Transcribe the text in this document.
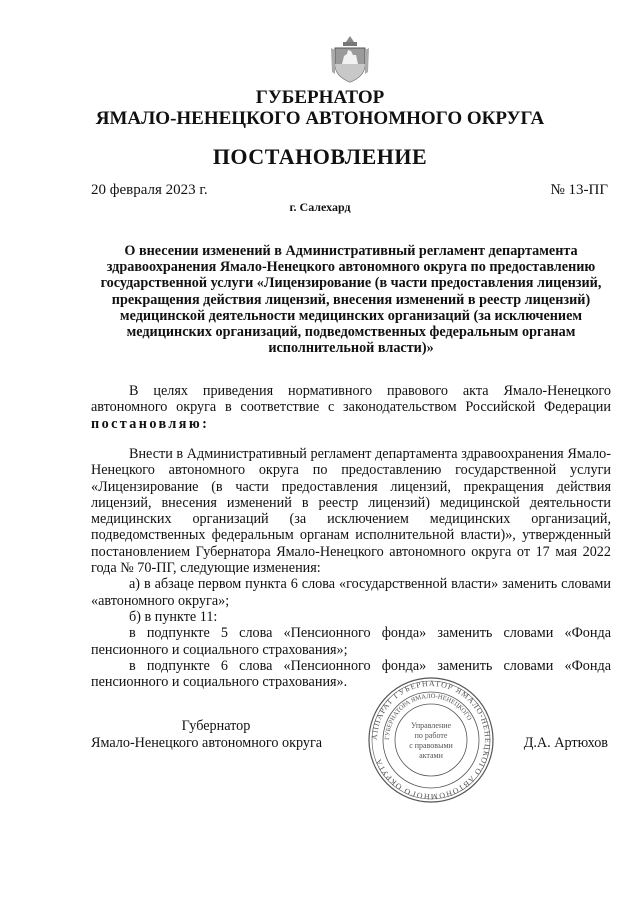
ГУБЕРНАТОР
ЯМАЛО-НЕНЕЦКОГО АВТОНОМНОГО ОКРУГА
ПОСТАНОВЛЕНИЕ
20 февраля 2023 г.	№ 13-ПГ
г. Салехард
О внесении изменений в Административный регламент департамента здравоохранения Ямало-Ненецкого автономного округа по предоставлению государственной услуги «Лицензирование (в части предоставления лицензий, прекращения действия лицензий, внесения изменений в реестр лицензий) медицинской деятельности медицинских организаций (за исключением медицинских организаций, подведомственных федеральным органам исполнительной власти)»

В целях приведения нормативного правового акта Ямало-Ненецкого автономного округа в соответствие с законодательством Российской Федерации постановляю:

Внести в Административный регламент департамента здравоохранения Ямало-Ненецкого автономного округа по предоставлению государственной услуги «Лицензирование (в части предоставления лицензий, прекращения действия лицензий, внесения изменений в реестр лицензий) медицинской деятельности медицинских организаций (за исключением медицинских организаций, подведомственных федеральным органам исполнительной власти)», утвержденный постановлением Губернатора Ямало-Ненецкого автономного округа от 17 мая 2022 года № 70-ПГ, следующие изменения:

а) в абзаце первом пункта 6 слова «государственной власти» заменить словами «автономного округа»;

б) в пункте 11:

в подпункте 5 слова «Пенсионного фонда» заменить словами «Фонда пенсионного и социального страхования»;

в подпункте 6 слова «Пенсионного фонда» заменить словами «Фонда пенсионного и социального страхования».

Губернатор
Ямало-Ненецкого автономного округа	Д.А. Артюхов
АППАРАТ ГУБЕРНАТОР ЯМАЛО-НЕНЕЦКОГО АВТОНОМНОГО ОКРУГА
ГУБЕРНАТОРА ЯМАЛО-НЕНЕЦКОГО
Управление
по работе
с правовыми
актами
